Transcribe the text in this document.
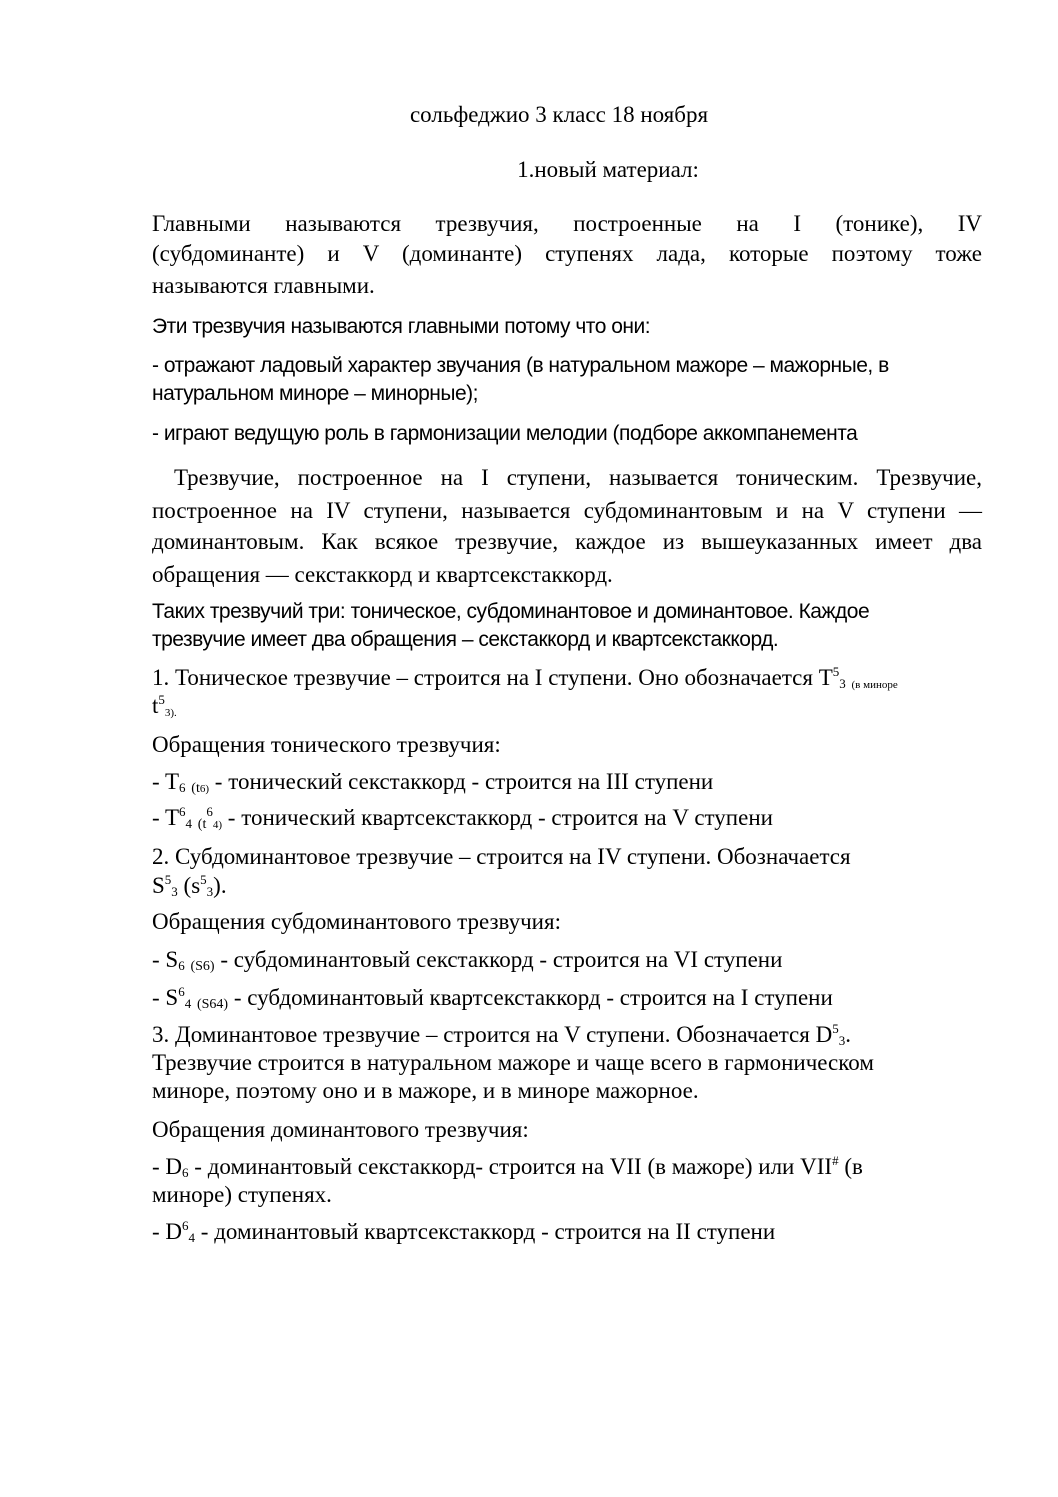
сольфеджио 3 класс 18 ноября
1.новый материал:
Главными называются трезвучия, построенные на I (тонике), IV
(субдоминанте) и V (доминанте) ступенях лада, которые поэтому тоже
называются главными.
Эти трезвучия называются главными потому что они:
- отражают ладовый характер звучания (в натуральном мажоре – мажорные, в
натуральном миноре – минорные);
- играют ведущую роль в гармонизации мелодии (подборе аккомпанемента
Трезвучие, построенное на I ступени, называется тоническим. Трезвучие,
построенное на IV ступени, называется субдоминантовым и на V ступени —
доминантовым. Как всякое трезвучие, каждое из вышеуказанных имеет два
обращения — секстаккорд и квартсекстаккорд.
Таких трезвучий три: тоническое, субдоминантовое и доминантовое. Каждое
трезвучие имеет два обращения – секстаккорд и квартсекстаккорд.
1. Тоническое трезвучие – строится на I ступени. Оно обозначается $T^5_3$ (в миноре
$t^53$).
Обращения тонического трезвучия:
- $T_6$ ($t_{6)}$ - тонический секстаккорд - строится на III ступени
- $T^6_4$ $(t^64)$ - тонический квартсекстаккорд - строится на V ступени
2. Субдоминантовое трезвучие – строится на IV ступени. Обозначается
$S^5_3$ $(s^5_3)$.
Обращения субдоминантового трезвучия:
- $S_6$ (S6) - субдоминантовый секстаккорд - строится на VI ступени
- $S^6_4$ (S64) - субдоминантовый квартсекстаккорд - строится на I ступени
3. Доминантовое трезвучие – строится на V ступени. Обозначается $D^5_3$.
Трезвучие строится в натуральном мажоре и чаще всего в гармоническом
миноре, поэтому оно и в мажоре, и в миноре мажорное.
Обращения доминантового трезвучия:
- $D_6$ - доминантовый секстаккорд- строится на VII (в мажоре) или VII# (в
миноре) ступенях.
- $D^6_4$ - доминантовый квартсекстаккорд - строится на II ступени
